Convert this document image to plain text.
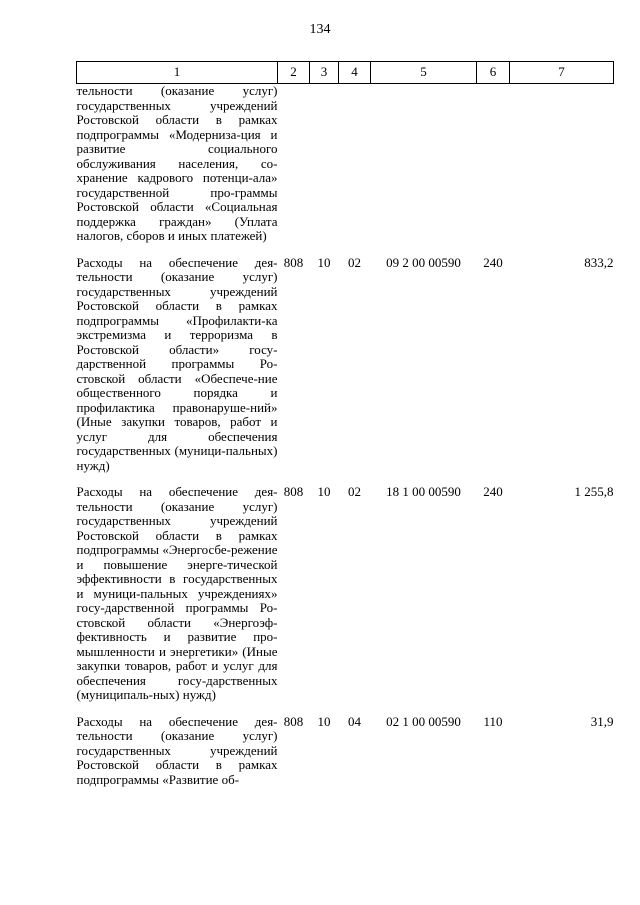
134
1	2	3	4	5	6	7
тельности (оказание услуг) государственных учреждений Ростовской области в рамках подпрограммы «Модерниза-ция и развитие социального обслуживания населения, со-хранение кадрового потенци-ала» государственной про-граммы Ростовской области «Социальная поддержка граждан» (Уплата налогов, сборов и иных платежей)						

Расходы на обеспечение дея-тельности (оказание услуг) государственных учреждений Ростовской области в рамках подпрограммы «Профилакти-ка экстремизма и терроризма в Ростовской области» госу-дарственной программы Ро-стовской области «Обеспече-ние общественного порядка и профилактика правонаруше-ний» (Иные закупки товаров, работ и услуг для обеспечения государственных (муници-пальных) нужд)	808	10	02	09 2 00 00590	240	833,2

Расходы на обеспечение дея-тельности (оказание услуг) государственных учреждений Ростовской области в рамках подпрограммы «Энергосбе-режение и повышение энерге-тической эффективности в государственных и муници-пальных учреждениях» госу-дарственной программы Ро-стовской области «Энергоэф-фективность и развитие про-мышленности и энергетики» (Иные закупки товаров, работ и услуг для обеспечения госу-дарственных (муниципаль-ных) нужд)	808	10	02	18 1 00 00590	240	1 255,8

Расходы на обеспечение дея-тельности (оказание услуг) государственных учреждений Ростовской области в рамках подпрограммы «Развитие об-	808	10	04	02 1 00 00590	110	31,9
